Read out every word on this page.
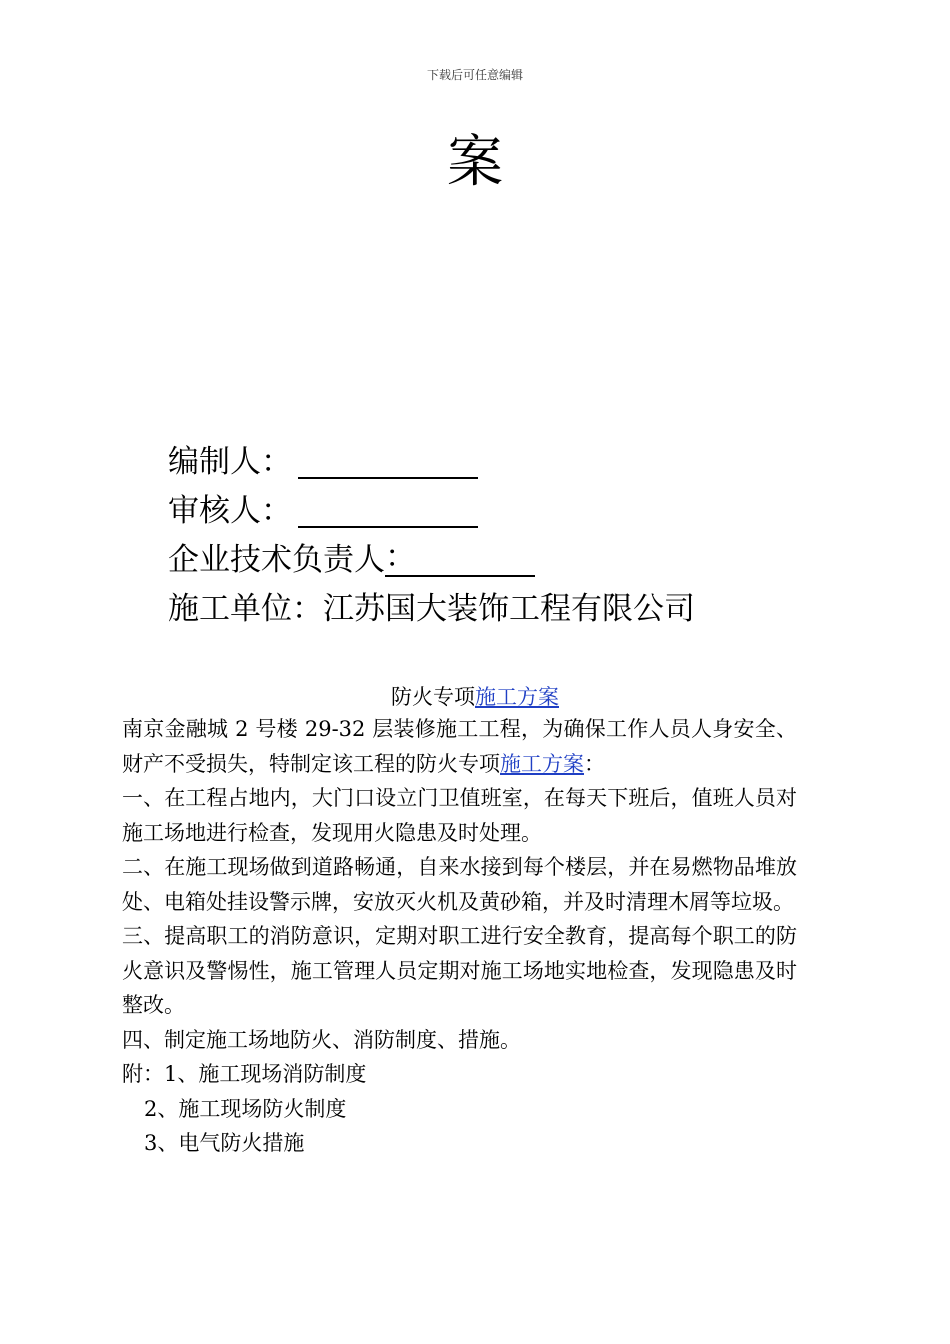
下载后可任意编辑
案
编制人：
审核人：
企业技术负责人：
施工单位：江苏国大装饰工程有限公司
防火专项施工方案

南京金融城 2 号楼 29-32 层装修施工工程，为确保工作人员人身安全、财产不受损失，特制定该工程的防火专项施工方案：

一、在工程占地内，大门口设立门卫值班室，在每天下班后，值班人员对施工场地进行检查，发现用火隐患及时处理。

二、在施工现场做到道路畅通，自来水接到每个楼层，并在易燃物品堆放处、电箱处挂设警示牌，安放灭火机及黄砂箱，并及时清理木屑等垃圾。

三、提高职工的消防意识，定期对职工进行安全教育，提高每个职工的防火意识及警惕性，施工管理人员定期对施工场地实地检查，发现隐患及时整改。

四、制定施工场地防火、消防制度、措施。

附：1、施工现场消防制度

2、施工现场防火制度

3、电气防火措施
